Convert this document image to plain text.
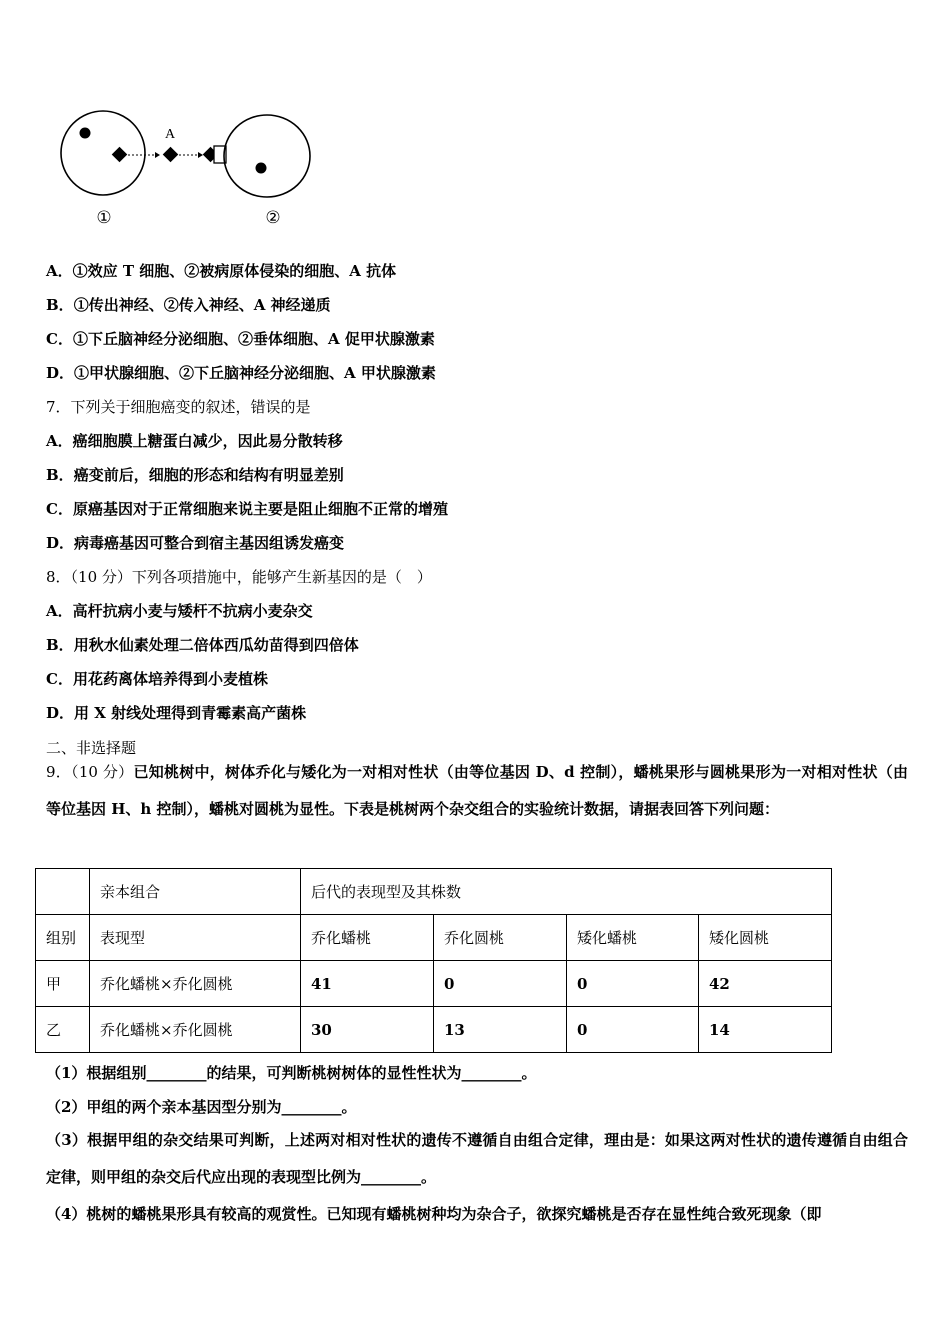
A
①	②
A．①效应 T 细胞、②被病原体侵染的细胞、A 抗体
B．①传出神经、②传入神经、A 神经递质
C．①下丘脑神经分泌细胞、②垂体细胞、A 促甲状腺激素
D．①甲状腺细胞、②下丘脑神经分泌细胞、A 甲状腺激素
7．下列关于细胞癌变的叙述，错误的是
A．癌细胞膜上糖蛋白减少，因此易分散转移
B．癌变前后，细胞的形态和结构有明显差别
C．原癌基因对于正常细胞来说主要是阻止细胞不正常的增殖
D．病毒癌基因可整合到宿主基因组诱发癌变
8．（10 分）下列各项措施中，能够产生新基因的是（　）
A．高杆抗病小麦与矮杆不抗病小麦杂交
B．用秋水仙素处理二倍体西瓜幼苗得到四倍体
C．用花药离体培养得到小麦植株
D．用 X 射线处理得到青霉素高产菌株
二、非选择题
9．（10 分）已知桃树中，树体乔化与矮化为一对相对性状（由等位基因 D、d 控制），蟠桃果形与圆桃果形为一对相对性状（由等位基因 H、h 控制），蟠桃对圆桃为显性。下表是桃树两个杂交组合的实验统计数据，请据表回答下列问题：
	亲本组合	后代的表现型及其株数			
组别	表现型	乔化蟠桃	乔化圆桃	矮化蟠桃	矮化圆桃
甲	乔化蟠桃×乔化圆桃	41	0	0	42
乙	乔化蟠桃×乔化圆桃	30	13	0	14
（1）根据组别________的结果，可判断桃树树体的显性性状为________。
（2）甲组的两个亲本基因型分别为________。
（3）根据甲组的杂交结果可判断，上述两对相对性状的遗传不遵循自由组合定律，理由是：如果这两对性状的遗传遵循自由组合定律，则甲组的杂交后代应出现的表现型比例为________。
（4）桃树的蟠桃果形具有较高的观赏性。已知现有蟠桃树种均为杂合子，欲探究蟠桃是否存在显性纯合致死现象（即
